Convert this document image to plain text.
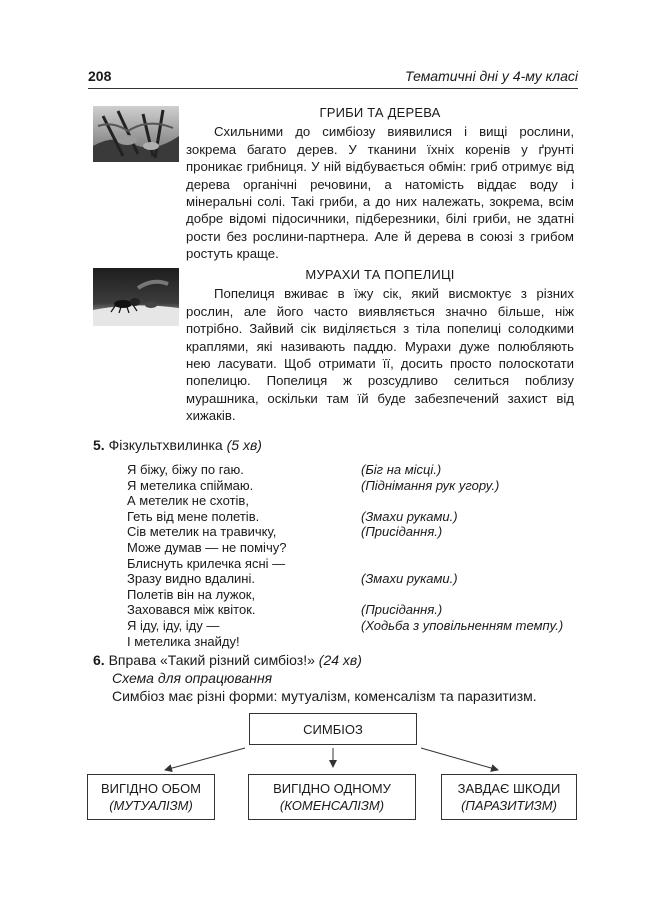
208	Тематичні дні у 4-му класі
ГРИБИ ТА ДЕРЕВА

Схильними до симбіозу виявилися і вищі рослини, зокрема багато дерев. У тканини їхніх коренів у ґрунті проникає грибниця. У ній відбувається обмін: гриб отримує від дерева органічні речовини, а натомість віддає воду і мінеральні солі. Такі гриби, а до них належать, зокрема, всім добре відомі підосичники, підберезники, білі гриби, не здатні рости без рослини-партнера. Але й дерева в союзі з грибом ростуть краще.

МУРАХИ ТА ПОПЕЛИЦІ

Попелиця вживає в їжу сік, який висмоктує з різних рослин, але його часто виявляється значно більше, ніж потрібно. Зайвий сік виділяється з тіла попелиці солодкими краплями, які називають паддю. Мурахи дуже полюбляють нею ласувати. Щоб отримати її, досить просто полоскотати попелицю. Попелиця ж розсудливо селиться поблизу мурашника, оскільки там їй буде забезпечений захист від хижаків.

5. Фізкультхвилинка (5 хв)
Я біжу, біжу по гаю.	(Біг на місці.)
Я метелика спіймаю.	(Піднімання рук угору.)
А метелик не схотів,
Геть від мене полетів.	(Змахи руками.)
Сів метелик на травичку,	(Присідання.)
Може думав — не помічу?
Блиснуть крилечка ясні —
Зразу видно вдалині.	(Змахи руками.)
Полетів він на лужок,
Заховався між квіток.	(Присідання.)
Я іду, іду, іду —	(Ходьба з уповільненням темпу.)
І метелика знайду!
6. Вправа «Такий різний симбіоз!» (24 хв)
Схема для опрацювання
Симбіоз має різні форми: мутуалізм, коменсалізм та паразитизм.
СИМБІОЗ
ВИГІДНО ОБОМ
(МУТУАЛІЗМ)
ВИГІДНО ОДНОМУ
(КОМЕНСАЛІЗМ)
ЗАВДАЄ ШКОДИ
(ПАРАЗИТИЗМ)
